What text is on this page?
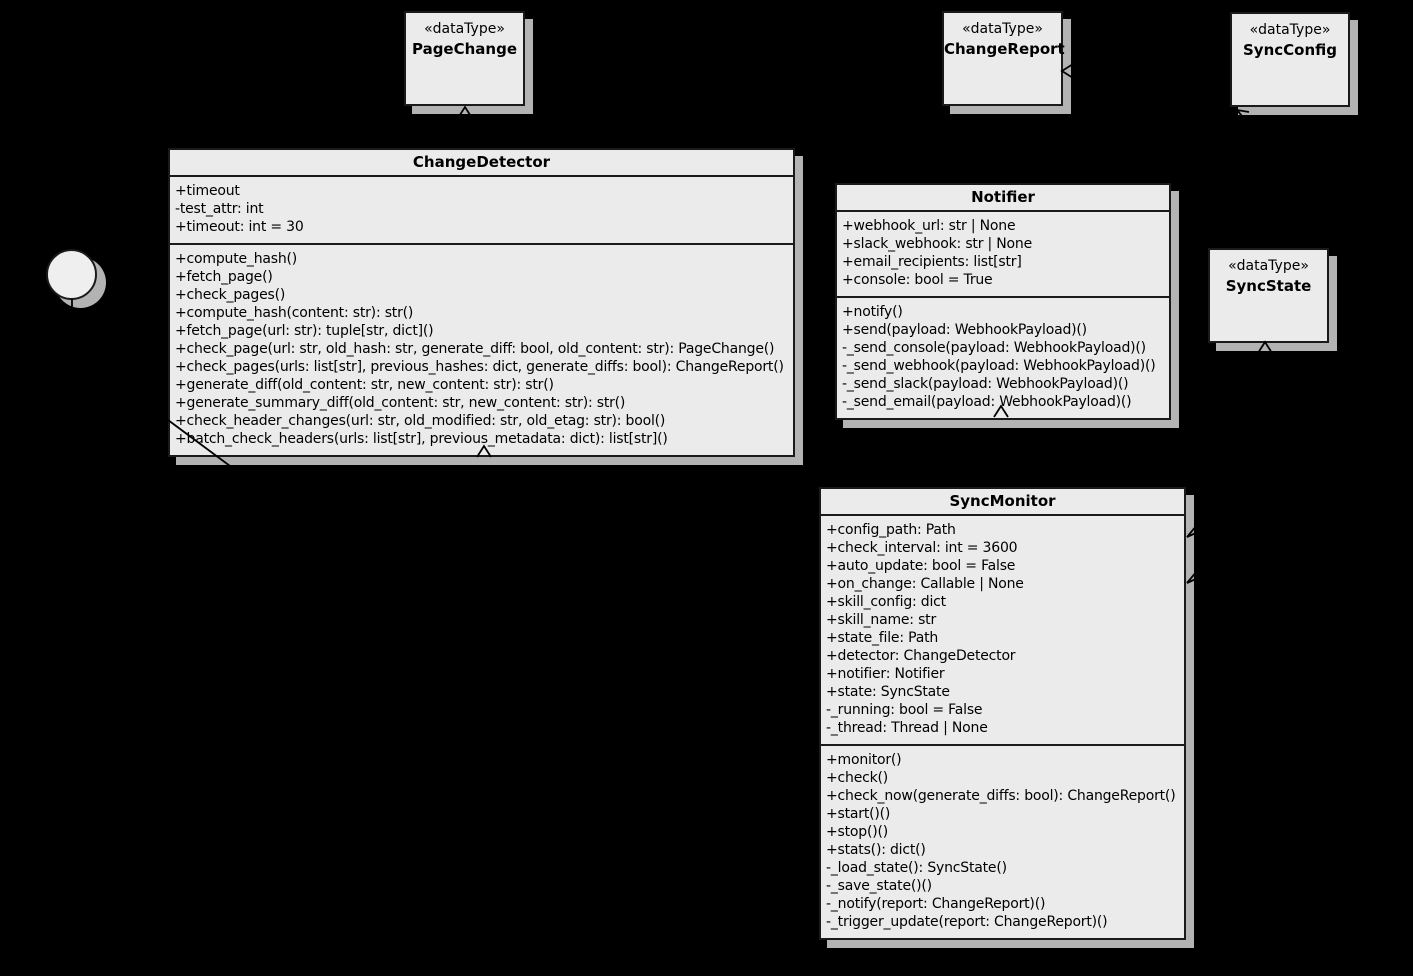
«dataType»
PageChange
«dataType»
ChangeReport
«dataType»
SyncConfig
«dataType»
SyncState
ChangeDetector
+timeout
-test_attr: int
+timeout: int = 30
+compute_hash()
+fetch_page()
+check_pages()
+compute_hash(content: str): str()
+fetch_page(url: str): tuple[str, dict]()
+check_page(url: str, old_hash: str, generate_diff: bool, old_content: str): PageChange()
+check_pages(urls: list[str], previous_hashes: dict, generate_diffs: bool): ChangeReport()
+generate_diff(old_content: str, new_content: str): str()
+generate_summary_diff(old_content: str, new_content: str): str()
+check_header_changes(url: str, old_modified: str, old_etag: str): bool()
+batch_check_headers(urls: list[str], previous_metadata: dict): list[str]()
Notifier
+webhook_url: str | None
+slack_webhook: str | None
+email_recipients: list[str]
+console: bool = True
+notify()
+send(payload: WebhookPayload)()
-_send_console(payload: WebhookPayload)()
-_send_webhook(payload: WebhookPayload)()
-_send_slack(payload: WebhookPayload)()
-_send_email(payload: WebhookPayload)()
SyncMonitor
+config_path: Path
+check_interval: int = 3600
+auto_update: bool = False
+on_change: Callable | None
+skill_config: dict
+skill_name: str
+state_file: Path
+detector: ChangeDetector
+notifier: Notifier
+state: SyncState
-_running: bool = False
-_thread: Thread | None
+monitor()
+check()
+check_now(generate_diffs: bool): ChangeReport()
+start()()
+stop()()
+stats(): dict()
-_load_state(): SyncState()
-_save_state()()
-_notify(report: ChangeReport)()
-_trigger_update(report: ChangeReport)()
